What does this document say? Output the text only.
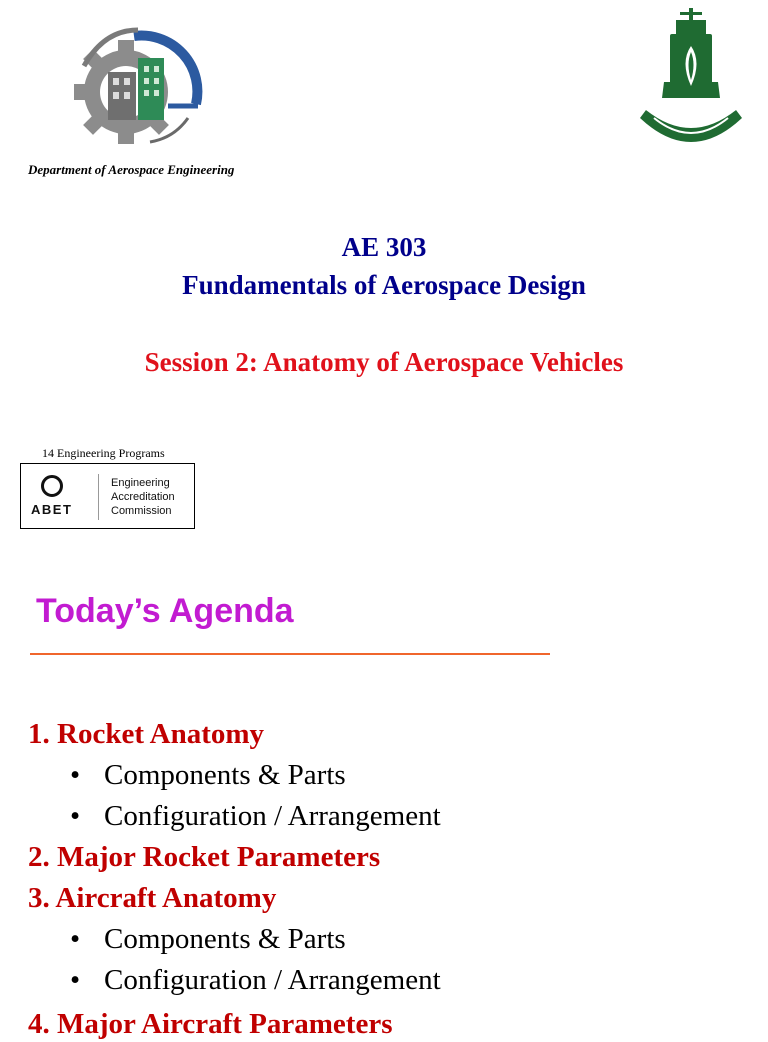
Department of Aerospace Engineering
AE 303
Fundamentals of Aerospace Design
Session 2: Anatomy of Aerospace Vehicles
14 Engineering Programs
ABET
Engineering
Accreditation
Commission
Today’s Agenda
1. Rocket Anatomy
• Components & Parts
• Configuration / Arrangement
2. Major Rocket Parameters
3. Aircraft Anatomy
• Components & Parts
• Configuration / Arrangement
4. Major Aircraft Parameters
